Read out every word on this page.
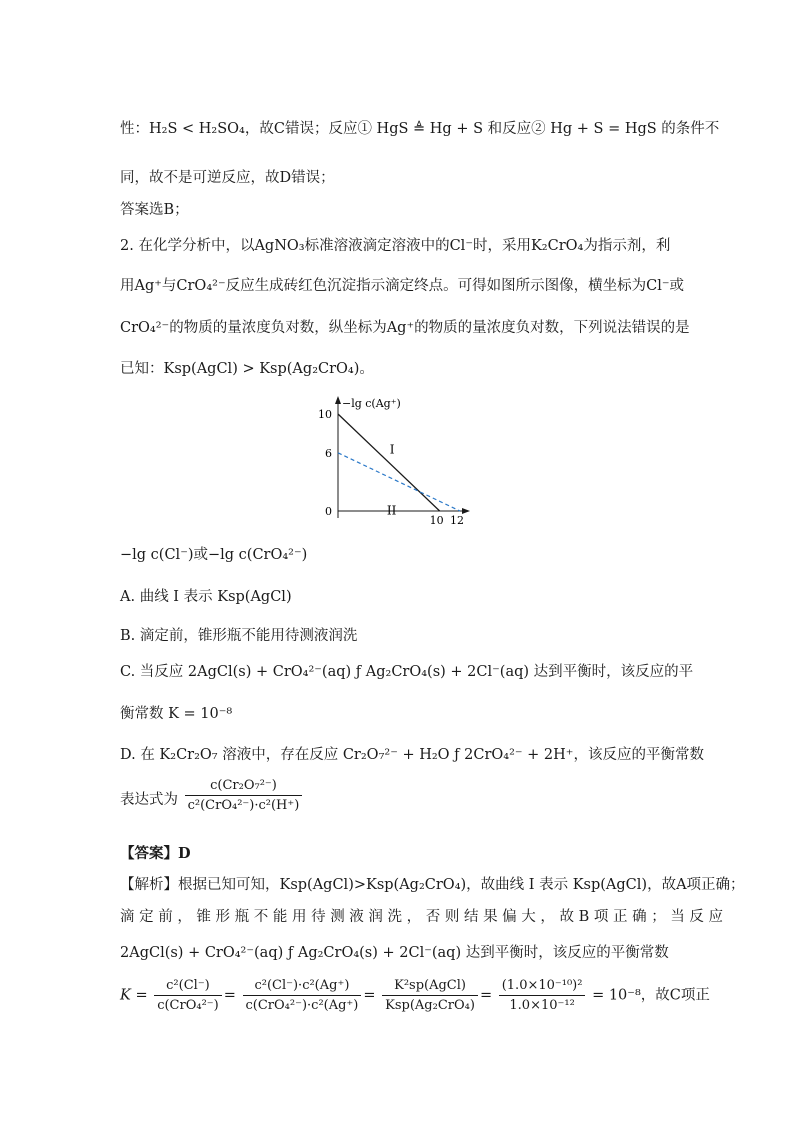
性：H₂S < H₂SO₄，故C错误；反应① HgS ≜ Hg + S 和反应② Hg + S = HgS 的条件不
同，故不是可逆反应，故D错误；
答案选B；
2. 在化学分析中，以AgNO₃标准溶液滴定溶液中的Cl⁻时，采用K₂CrO₄为指示剂，利
用Ag⁺与CrO₄²⁻反应生成砖红色沉淀指示滴定终点。可得如图所示图像，横坐标为Cl⁻或
CrO₄²⁻的物质的量浓度负对数，纵坐标为Ag⁺的物质的量浓度负对数，下列说法错误的是
已知：Ksp(AgCl) > Ksp(Ag₂CrO₄)。
−lg c(Ag⁺)
10
6
0
10 12
I
II
−lg c(Cl⁻)或−lg c(CrO₄²⁻)
A. 曲线 I 表示 Ksp(AgCl)
B. 滴定前，锥形瓶不能用待测液润洗
C. 当反应 2AgCl(s) + CrO₄²⁻(aq) ƒ Ag₂CrO₄(s) + 2Cl⁻(aq) 达到平衡时，该反应的平
衡常数 K = 10⁻⁸
D. 在 K₂Cr₂O₇ 溶液中，存在反应 Cr₂O₇²⁻ + H₂O ƒ 2CrO₄²⁻ + 2H⁺，该反应的平衡常数
表达式为 $\frac{\text{c(Cr₂O₇²⁻)}}{\text{c²(CrO₄²⁻)·c²(H⁺)}}$
【答案】D
【解析】根据已知可知，Ksp(AgCl)>Ksp(Ag₂CrO₄)，故曲线 I 表示 Ksp(AgCl)，故A项正确；
滴 定 前 ， 锥 形 瓶 不 能 用 待 测 液 润 洗 ， 否 则 结 果 偏 大 ， 故 B 项 正 确 ； 当 反 应
2AgCl(s) + CrO₄²⁻(aq) ƒ Ag₂CrO₄(s) + 2Cl⁻(aq) 达到平衡时，该反应的平衡常数
$K = \frac{\text{c²(Cl⁻)}}{\text{c(CrO₄²⁻)}} = \frac{\text{c²(Cl⁻)·c²(Ag⁺)}}{\text{c(CrO₄²⁻)·c²(Ag⁺)}} = \frac{\text{K²sp(AgCl)}}{\text{Ksp(Ag₂CrO₄)}} = \frac{\text{(1.0×10⁻¹⁰)²}}{\text{1.0×10⁻¹²}} = 10^{-8}$，故C项正
